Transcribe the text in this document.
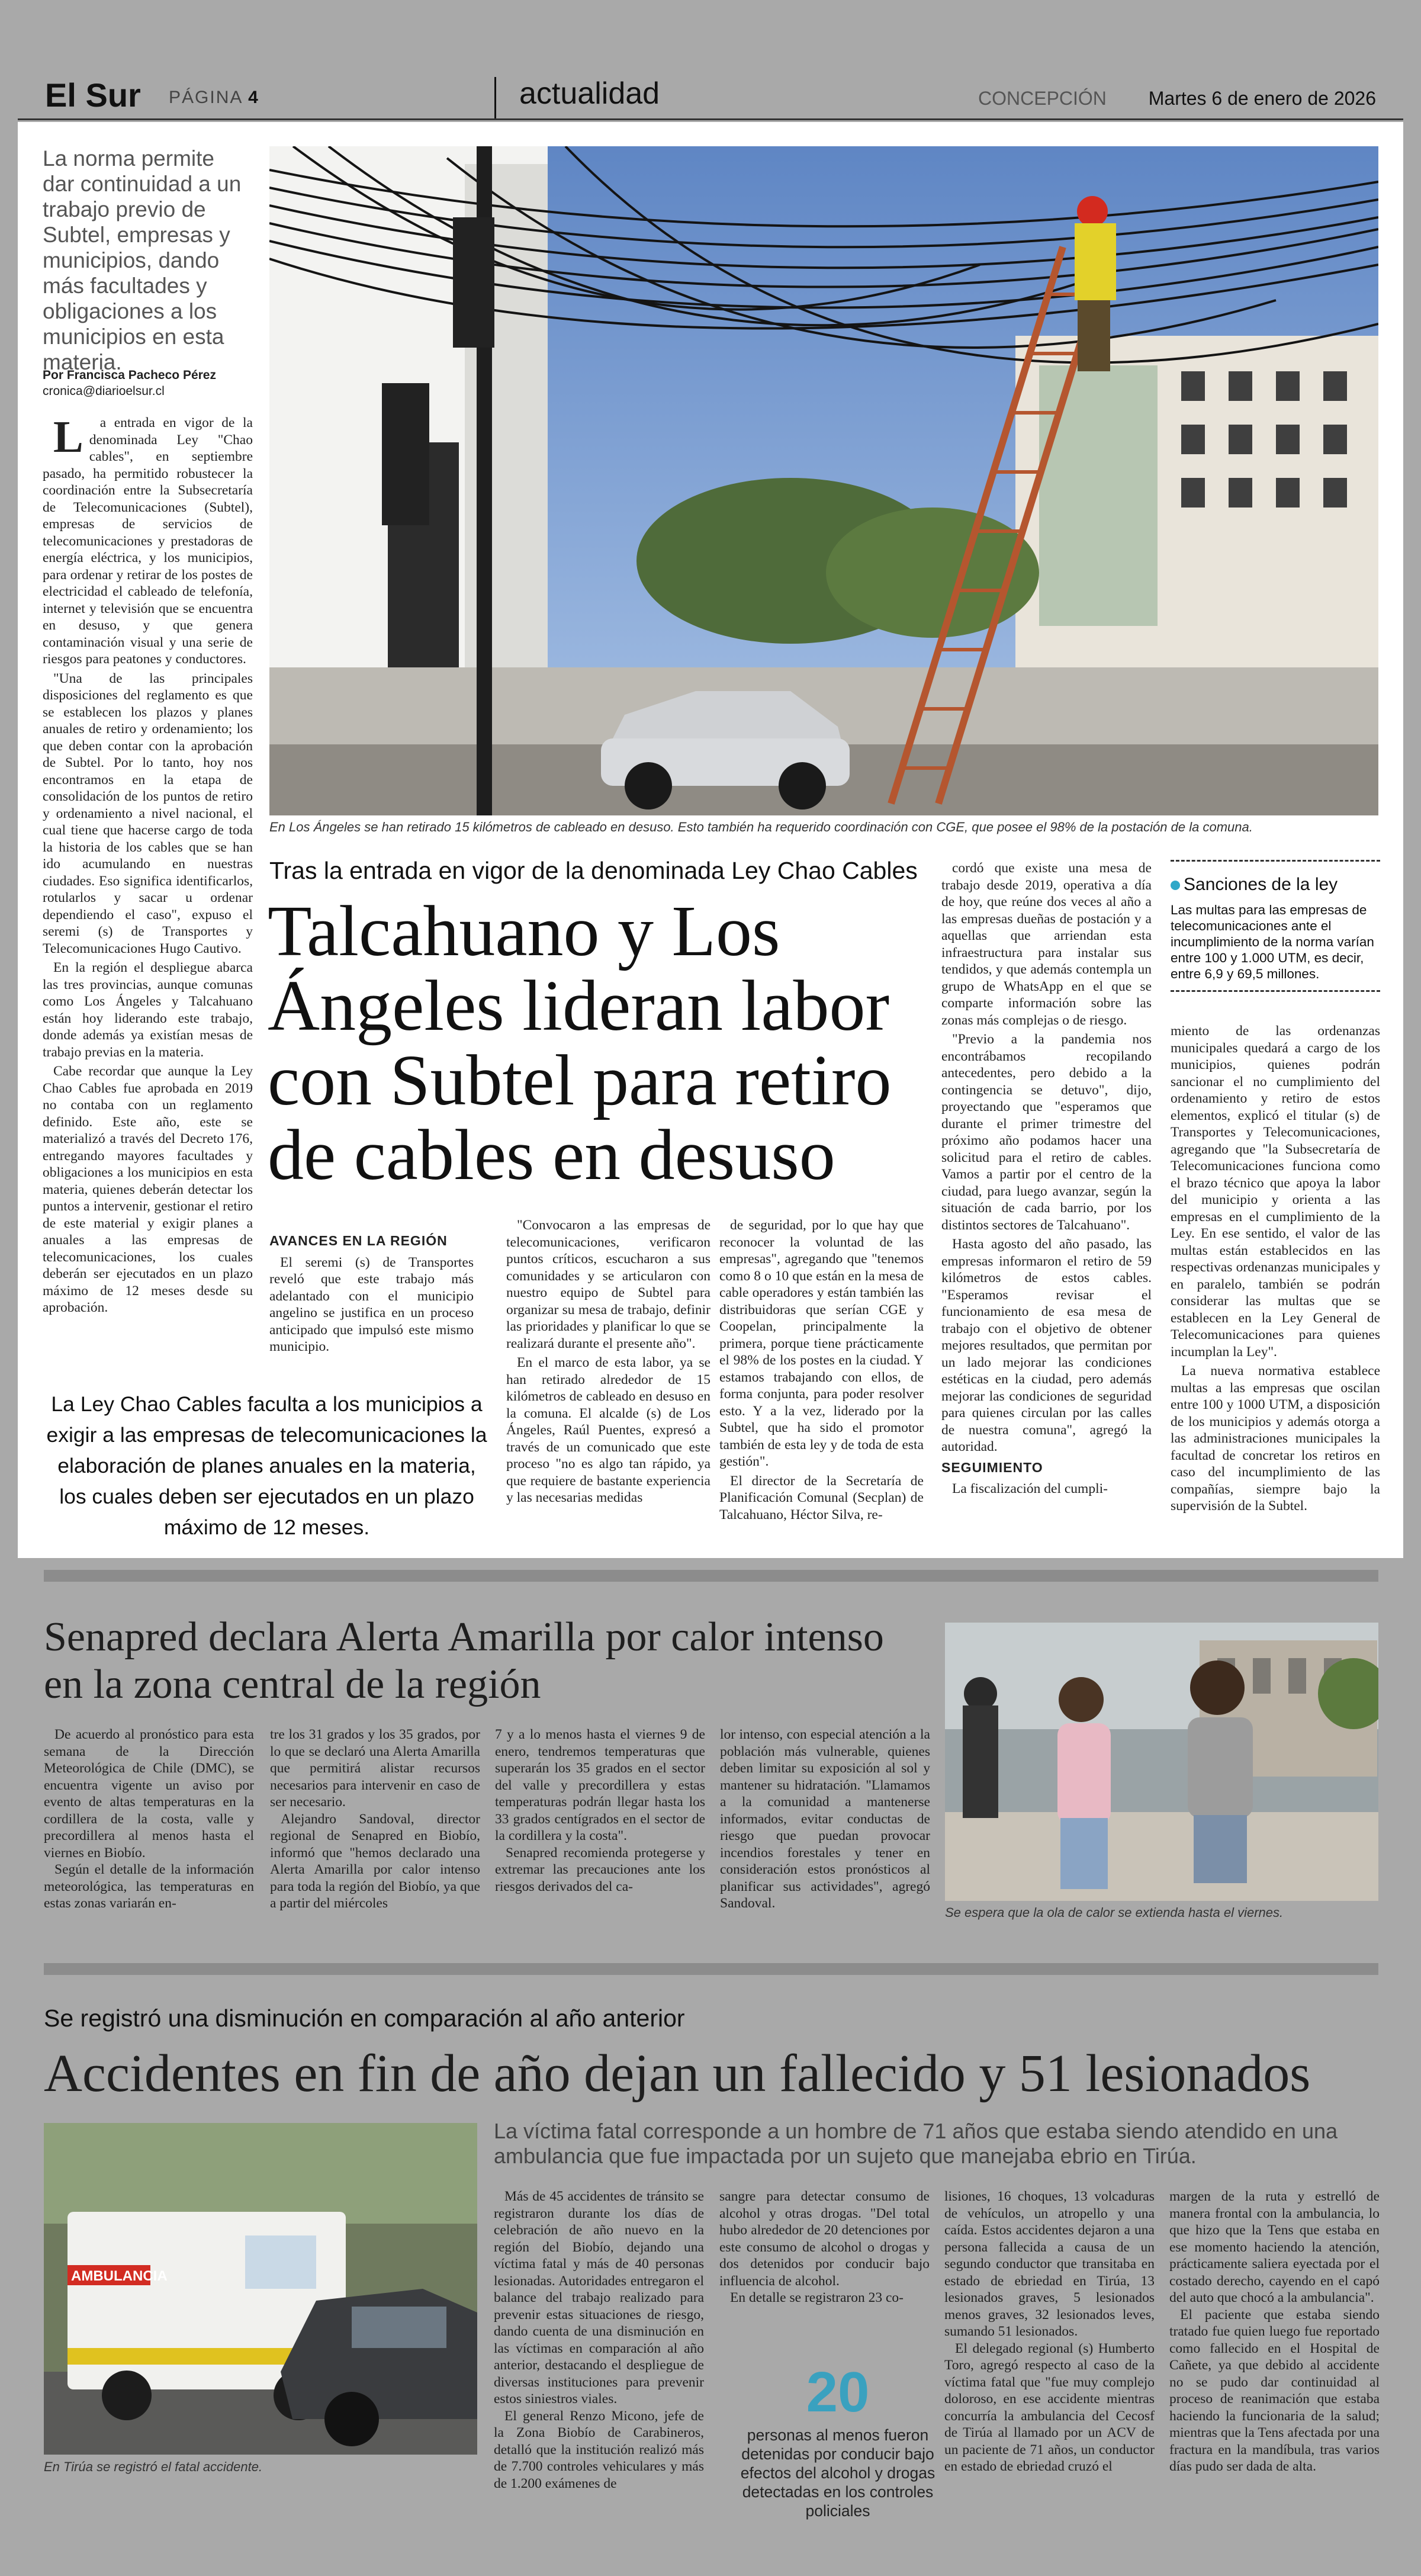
El Sur PÁGINA 4	actualidad	CONCEPCIÓN Martes 6 de enero de 2026
La norma permite dar continuidad a un trabajo previo de Subtel, empresas y municipios, dando más facultades y obligaciones a los municipios en esta materia.
Por Francisca Pacheco Pérez
cronica@diarioelsur.cl

La entrada en vigor de la denominada Ley "Chao cables", en septiembre pasado, ha permitido robustecer la coordinación entre la Subsecretaría de Telecomunicaciones (Subtel), empresas de servicios de telecomunicaciones y prestadoras de energía eléctrica, y los municipios, para ordenar y retirar de los postes de electricidad el cableado de telefonía, internet y televisión que se encuentra en desuso, y que genera contaminación visual y una serie de riesgos para peatones y conductores.

"Una de las principales disposiciones del reglamento es que se establecen los plazos y planes anuales de retiro y ordenamiento; los que deben contar con la aprobación de Subtel. Por lo tanto, hoy nos encontramos en la etapa de consolidación de los puntos de retiro y ordenamiento a nivel nacional, el cual tiene que hacerse cargo de toda la historia de los cables que se han ido acumulando en nuestras ciudades. Eso significa identificarlos, rotularlos y sacar u ordenar dependiendo el caso", expuso el seremi (s) de Transportes y Telecomunicaciones Hugo Cautivo.

En la región el despliegue abarca las tres provincias, aunque comunas como Los Ángeles y Talcahuano están hoy liderando este trabajo, donde además ya existían mesas de trabajo previas en la materia.

Cabe recordar que aunque la Ley Chao Cables fue aprobada en 2019 no contaba con un reglamento definido. Este año, este se materializó a través del Decreto 176, entregando mayores facultades y obligaciones a los municipios en esta materia, quienes deberán detectar los puntos a intervenir, gestionar el retiro de este material y exigir planes a anuales a las empresas de telecomunicaciones, los cuales deberán ser ejecutados en un plazo máximo de 12 meses desde su aprobación.

En Los Ángeles se han retirado 15 kilómetros de cableado en desuso. Esto también ha requerido coordinación con CGE, que posee el 98% de la postación de la comuna.
Tras la entrada en vigor de la denominada Ley Chao Cables
Talcahuano y Los Ángeles lideran labor con Subtel para retiro de cables en desuso
AVANCES EN LA REGIÓN

El seremi (s) de Transportes reveló que este trabajo más adelantado con el municipio angelino se justifica en un proceso anticipado que impulsó este mismo municipio.

La Ley Chao Cables faculta a los municipios a exigir a las empresas de telecomunicaciones la elaboración de planes anuales en la materia, los cuales deben ser ejecutados en un plazo máximo de 12 meses.

"Convocaron a las empresas de telecomunicaciones, verificaron puntos críticos, escucharon a sus comunidades y se articularon con nuestro equipo de Subtel para organizar su mesa de trabajo, definir las prioridades y planificar lo que se realizará durante el presente año".

En el marco de esta labor, ya se han retirado alrededor de 15 kilómetros de cableado en desuso en la comuna. El alcalde (s) de Los Ángeles, Raúl Puentes, expresó a través de un comunicado que este proceso "no es algo tan rápido, ya que requiere de bastante experiencia y las necesarias medidas

de seguridad, por lo que hay que reconocer la voluntad de las empresas", agregando que "tenemos como 8 o 10 que están en la mesa de cable operadores y están también las distribuidoras que serían CGE y Coopelan, principalmente la primera, porque tiene prácticamente el 98% de los postes en la ciudad. Y estamos trabajando con ellos, de forma conjunta, para poder resolver esto. Y a la vez, liderado por la Subtel, que ha sido el promotor también de esta ley y de toda de esta gestión".

El director de la Secretaría de Planificación Comunal (Secplan) de Talcahuano, Héctor Silva, re-

cordó que existe una mesa de trabajo desde 2019, operativa a día de hoy, que reúne dos veces al año a las empresas dueñas de postación y a aquellas que arriendan esta infraestructura para instalar sus tendidos, y que además contempla un grupo de WhatsApp en el que se comparte información sobre las zonas más complejas o de riesgo.

"Previo a la pandemia nos encontrábamos recopilando antecedentes, pero debido a la contingencia se detuvo", dijo, proyectando que "esperamos que durante el primer trimestre del próximo año podamos hacer una solicitud para el retiro de cables. Vamos a partir por el centro de la ciudad, para luego avanzar, según la situación de cada barrio, por los distintos sectores de Talcahuano".

Hasta agosto del año pasado, las empresas informaron el retiro de 59 kilómetros de estos cables. "Esperamos revisar el funcionamiento de esa mesa de trabajo con el objetivo de obtener mejores resultados, que permitan por un lado mejorar las condiciones estéticas en la ciudad, pero además mejorar las condiciones de seguridad para quienes circulan por las calles de nuestra comuna", agregó la autoridad.

SEGUIMIENTO

La fiscalización del cumpli-

Sanciones de la ley
Las multas para las empresas de telecomunicaciones ante el incumplimiento de la norma varían entre 100 y 1.000 UTM, es decir, entre 6,9 y 69,5 millones.

miento de las ordenanzas municipales quedará a cargo de los municipios, quienes podrán sancionar el no cumplimiento del ordenamiento y retiro de estos elementos, explicó el titular (s) de Transportes y Telecomunicaciones, agregando que "la Subsecretaría de Telecomunicaciones funciona como el brazo técnico que apoya la labor del municipio y orienta a las empresas en el cumplimiento de la Ley. En ese sentido, el valor de las multas están establecidos en las respectivas ordenanzas municipales y en paralelo, también se podrán considerar las multas que se establecen en la Ley General de Telecomunicaciones para quienes incumplan la Ley".

La nueva normativa establece multas a las empresas que oscilan entre 100 y 1000 UTM, a disposición de los municipios y además otorga a las administraciones municipales la facultad de concretar los retiros en caso del incumplimiento de las compañías, siempre bajo la supervisión de la Subtel.

Senapred declara Alerta Amarilla por calor intenso en la zona central de la región

De acuerdo al pronóstico para esta semana de la Dirección Meteorológica de Chile (DMC), se encuentra vigente un aviso por evento de altas temperaturas en la cordillera de la costa, valle y precordillera al menos hasta el viernes en Biobío.

Según el detalle de la información meteorológica, las temperaturas en estas zonas variarán en-

tre los 31 grados y los 35 grados, por lo que se declaró una Alerta Amarilla que permitirá alistar recursos necesarios para intervenir en caso de ser necesario.

Alejandro Sandoval, director regional de Senapred en Biobío, informó que "hemos declarado una Alerta Amarilla por calor intenso para toda la región del Biobío, ya que a partir del miércoles

7 y a lo menos hasta el viernes 9 de enero, tendremos temperaturas que superarán los 35 grados en el sector del valle y precordillera y estas temperaturas podrán llegar hasta los 33 grados centígrados en el sector de la cordillera y la costa".

Senapred recomienda protegerse y extremar las precauciones ante los riesgos derivados del ca-

lor intenso, con especial atención a la población más vulnerable, quienes deben limitar su exposición al sol y mantener su hidratación. "Llamamos a la comunidad a mantenerse informados, evitar conductas de riesgo que puedan provocar incendios forestales y tener en consideración estos pronósticos al planificar sus actividades", agregó Sandoval.

Se espera que la ola de calor se extienda hasta el viernes.
Se registró una disminución en comparación al año anterior
Accidentes en fin de año dejan un fallecido y 51 lesionados
La víctima fatal corresponde a un hombre de 71 años que estaba siendo atendido en una ambulancia que fue impactada por un sujeto que manejaba ebrio en Tirúa.
AMBULANCIA
En Tirúa se registró el fatal accidente.

Más de 45 accidentes de tránsito se registraron durante los días de celebración de año nuevo en la región del Biobío, dejando una víctima fatal y más de 40 personas lesionadas. Autoridades entregaron el balance del trabajo realizado para prevenir estas situaciones de riesgo, dando cuenta de una disminución en las víctimas en comparación al año anterior, destacando el despliegue de diversas instituciones para prevenir estos siniestros viales.

El general Renzo Micono, jefe de la Zona Biobío de Carabineros, detalló que la institución realizó más de 7.700 controles vehiculares y más de 1.200 exámenes de

sangre para detectar consumo de alcohol y otras drogas. "Del total hubo alrededor de 20 detenciones por este consumo de alcohol o drogas y dos detenidos por conducir bajo influencia de alcohol.

En detalle se registraron 23 co-

20
personas al menos fueron detenidas por conducir bajo efectos del alcohol y drogas detectadas en los controles policiales

lisiones, 16 choques, 13 volcaduras de vehículos, un atropello y una caída. Estos accidentes dejaron a una persona fallecida a causa de un segundo conductor que transitaba en estado de ebriedad en Tirúa, 13 lesionados graves, 5 lesionados menos graves, 32 lesionados leves, sumando 51 lesionados.

El delegado regional (s) Humberto Toro, agregó respecto al caso de la víctima fatal que "fue muy complejo doloroso, en ese accidente mientras concurría la ambulancia del Cecosf de Tirúa al llamado por un ACV de un paciente de 71 años, un conductor en estado de ebriedad cruzó el

margen de la ruta y estrelló de manera frontal con la ambulancia, lo que hizo que la Tens que estaba en ese momento haciendo la atención, prácticamente saliera eyectada por el costado derecho, cayendo en el capó del auto que chocó a la ambulancia".

El paciente que estaba siendo tratado fue quien luego fue reportado como fallecido en el Hospital de Cañete, ya que debido al accidente no se pudo dar continuidad al proceso de reanimación que estaba haciendo la funcionaria de la salud; mientras que la Tens afectada por una fractura en la mandíbula, tras varios días pudo ser dada de alta.
